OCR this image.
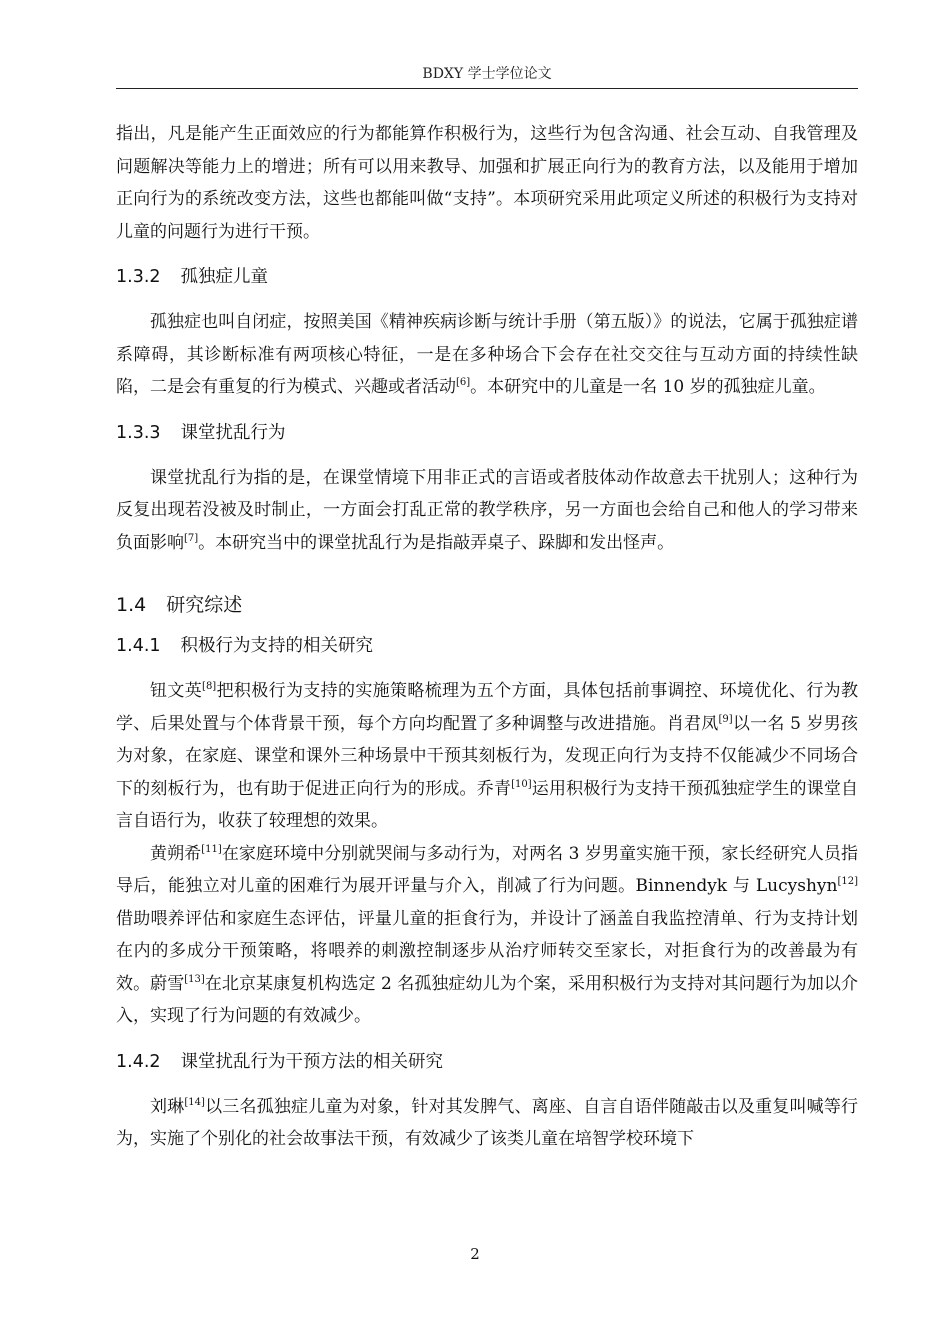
BDXY 学士学位论文

指出，凡是能产生正面效应的行为都能算作积极行为，这些行为包含沟通、社会互动、自我管理及问题解决等能力上的增进；所有可以用来教导、加强和扩展正向行为的教育方法，以及能用于增加正向行为的系统改变方法，这些也都能叫做“支持”。本项研究采用此项定义所述的积极行为支持对儿童的问题行为进行干预。

1.3.2 孤独症儿童

孤独症也叫自闭症，按照美国《精神疾病诊断与统计手册（第五版）》的说法，它属于孤独症谱系障碍，其诊断标准有两项核心特征，一是在多种场合下会存在社交交往与互动方面的持续性缺陷，二是会有重复的行为模式、兴趣或者活动[6]。本研究中的儿童是一名 10 岁的孤独症儿童。

1.3.3 课堂扰乱行为

课堂扰乱行为指的是，在课堂情境下用非正式的言语或者肢体动作故意去干扰别人；这种行为反复出现若没被及时制止，一方面会打乱正常的教学秩序，另一方面也会给自己和他人的学习带来负面影响[7]。本研究当中的课堂扰乱行为是指敲弄桌子、跺脚和发出怪声。

1.4 研究综述
1.4.1 积极行为支持的相关研究

钮文英[8]把积极行为支持的实施策略梳理为五个方面，具体包括前事调控、环境优化、行为教学、后果处置与个体背景干预，每个方向均配置了多种调整与改进措施。肖君凤[9]以一名 5 岁男孩为对象，在家庭、课堂和课外三种场景中干预其刻板行为，发现正向行为支持不仅能减少不同场合下的刻板行为，也有助于促进正向行为的形成。乔青[10]运用积极行为支持干预孤独症学生的课堂自言自语行为，收获了较理想的效果。

黄朔希[11]在家庭环境中分别就哭闹与多动行为，对两名 3 岁男童实施干预，家长经研究人员指导后，能独立对儿童的困难行为展开评量与介入，削减了行为问题。Binnendyk 与 Lucyshyn[12]借助喂养评估和家庭生态评估，评量儿童的拒食行为，并设计了涵盖自我监控清单、行为支持计划在内的多成分干预策略，将喂养的刺激控制逐步从治疗师转交至家长，对拒食行为的改善最为有效。蔚雪[13]在北京某康复机构选定 2 名孤独症幼儿为个案，采用积极行为支持对其问题行为加以介入，实现了行为问题的有效减少。

1.4.2 课堂扰乱行为干预方法的相关研究

刘琳[14]以三名孤独症儿童为对象，针对其发脾气、离座、自言自语伴随敲击以及重复叫喊等行为，实施了个别化的社会故事法干预，有效减少了该类儿童在培智学校环境下

2
